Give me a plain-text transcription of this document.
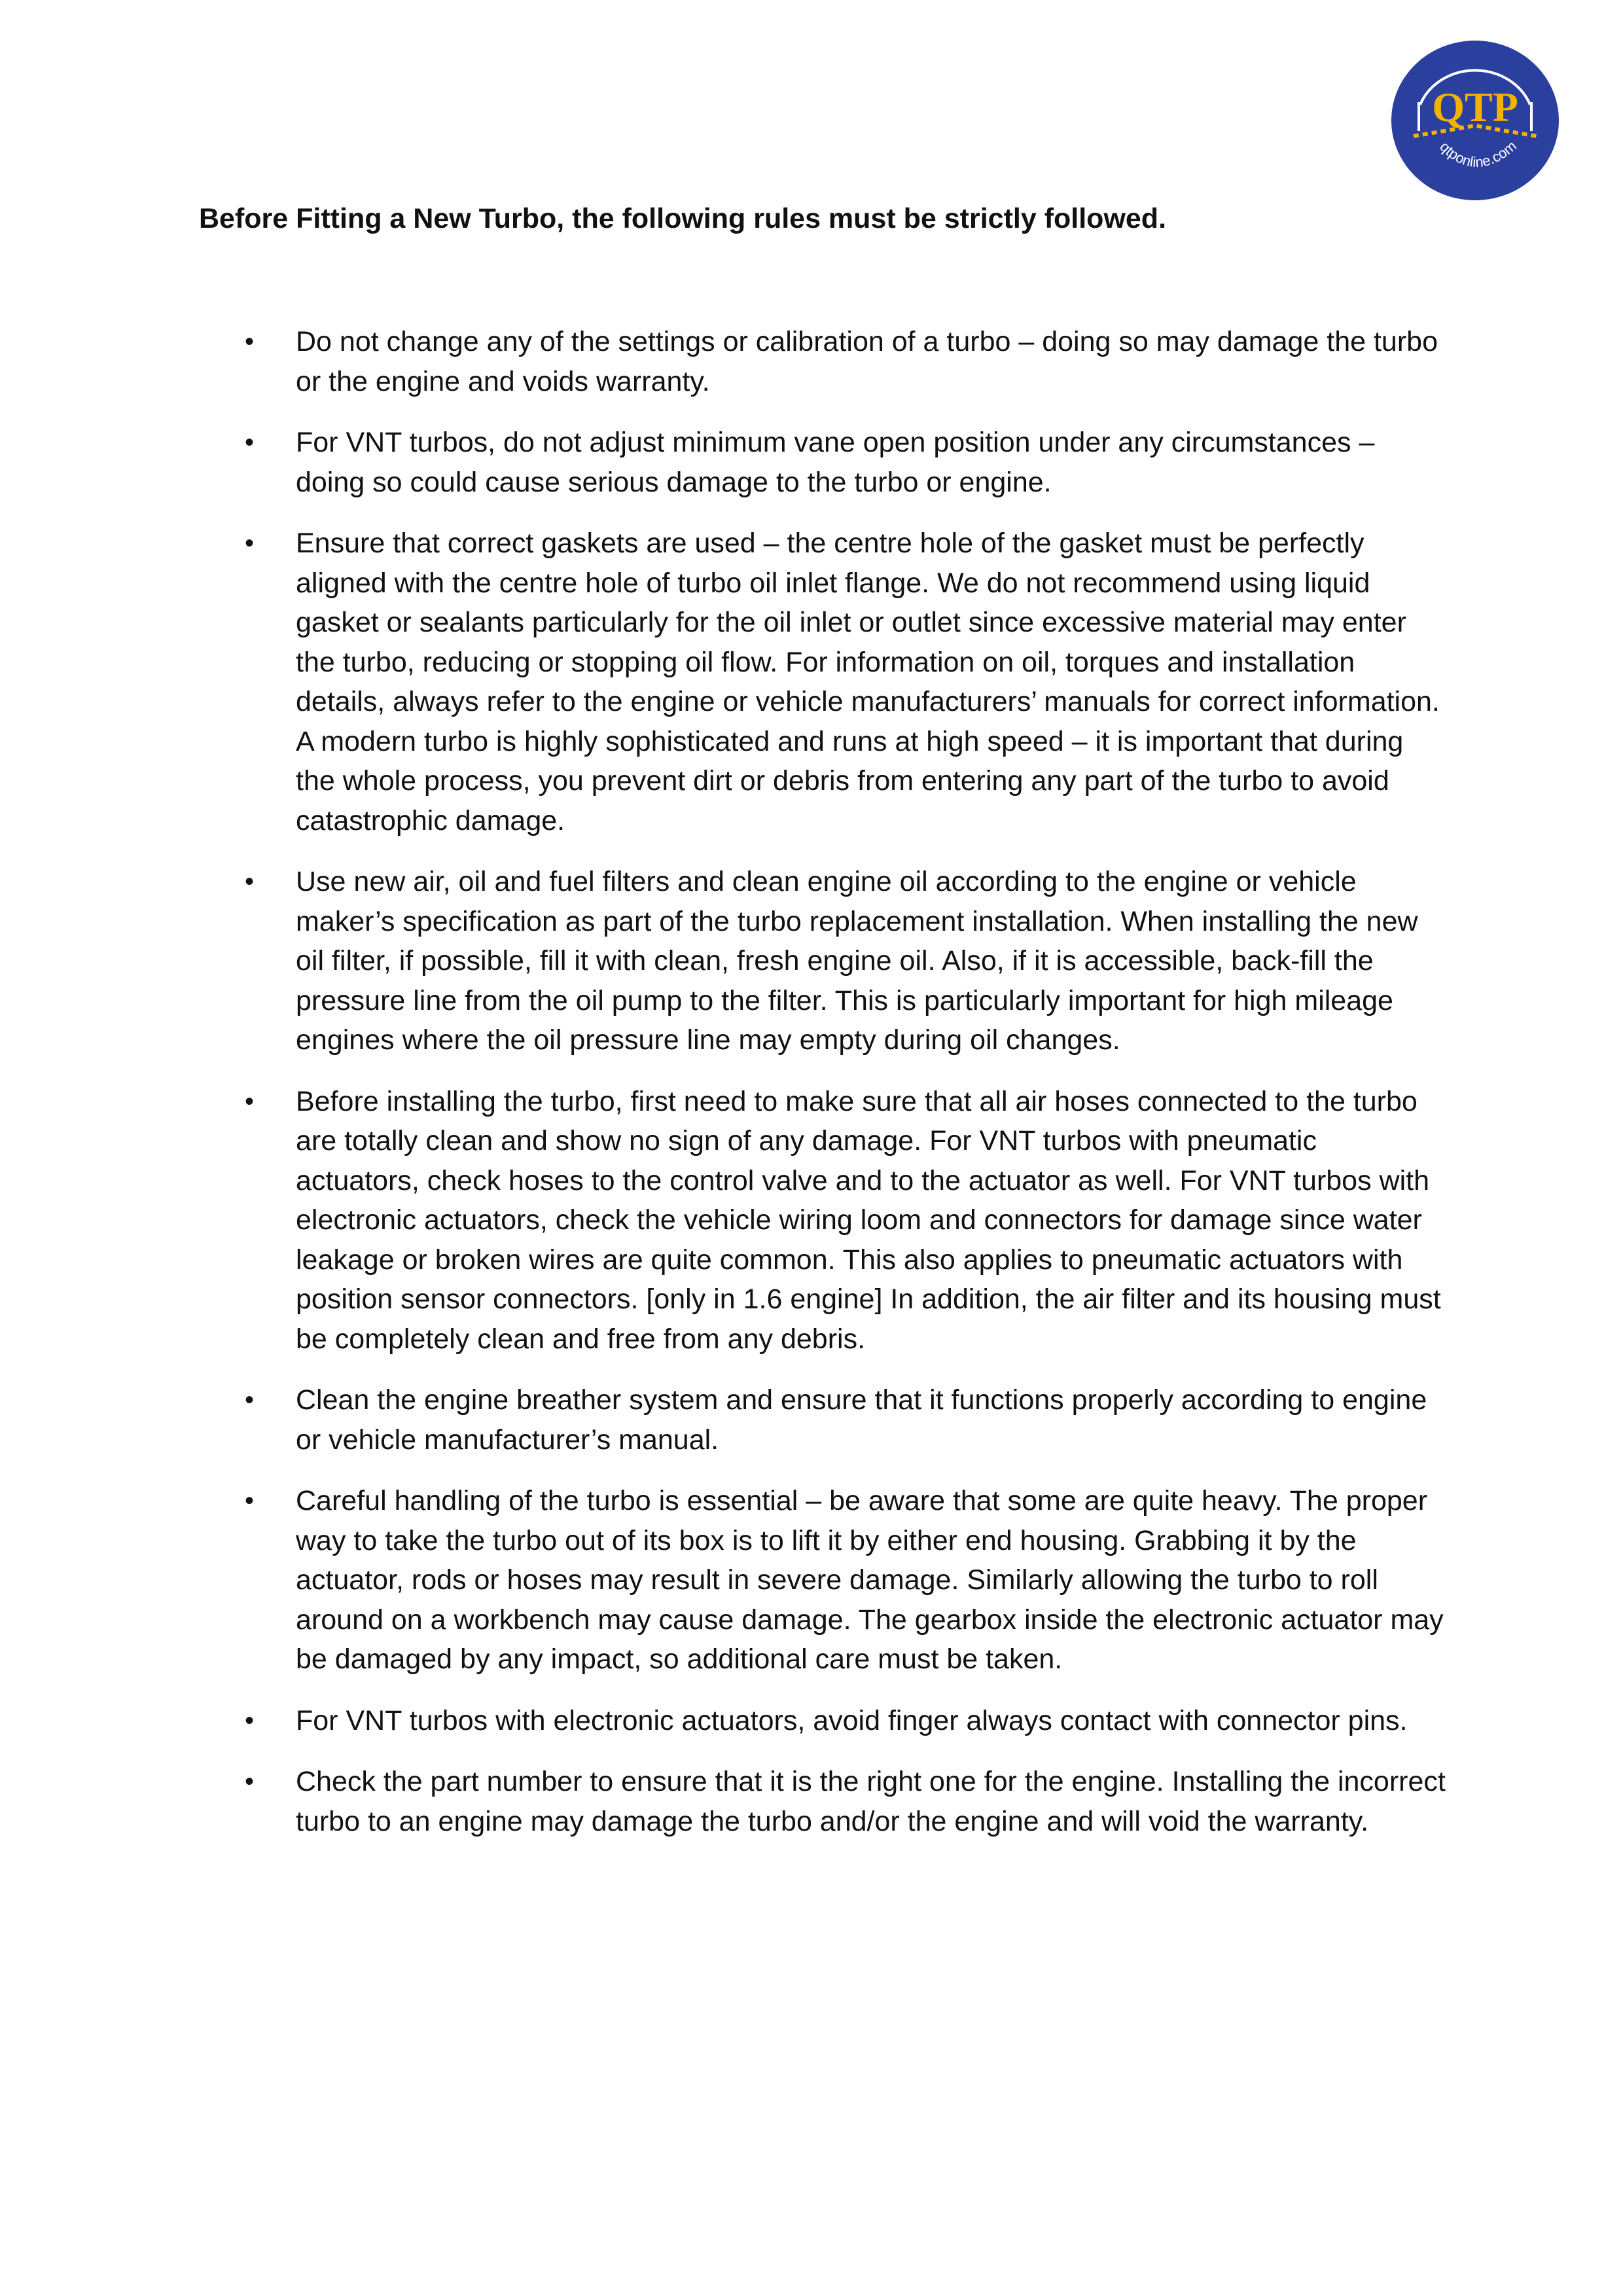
QTP
qtponline.com
Before Fitting a New Turbo, the following rules must be strictly followed.
• Do not change any of the settings or calibration of a turbo – doing so may damage the turbo or the engine and voids warranty.
• For VNT turbos, do not adjust minimum vane open position under any circumstances – doing so could cause serious damage to the turbo or engine.
• Ensure that correct gaskets are used – the centre hole of the gasket must be perfectly aligned with the centre hole of turbo oil inlet flange. We do not recommend using liquid gasket or sealants particularly for the oil inlet or outlet since excessive material may enter the turbo, reducing or stopping oil flow. For information on oil, torques and installation details, always refer to the engine or vehicle manufacturers’ manuals for correct information. A modern turbo is highly sophisticated and runs at high speed – it is important that during the whole process, you prevent dirt or debris from entering any part of the turbo to avoid catastrophic damage.
• Use new air, oil and fuel filters and clean engine oil according to the engine or vehicle maker’s specification as part of the turbo replacement installation. When installing the new oil filter, if possible, fill it with clean, fresh engine oil. Also, if it is accessible, back-fill the pressure line from the oil pump to the filter. This is particularly important for high mileage engines where the oil pressure line may empty during oil changes.
• Before installing the turbo, first need to make sure that all air hoses connected to the turbo are totally clean and show no sign of any damage. For VNT turbos with pneumatic actuators, check hoses to the control valve and to the actuator as well. For VNT turbos with electronic actuators, check the vehicle wiring loom and connectors for damage since water leakage or broken wires are quite common. This also applies to pneumatic actuators with position sensor connectors. [only in 1.6 engine] In addition, the air filter and its housing must be completely clean and free from any debris.
• Clean the engine breather system and ensure that it functions properly according to engine or vehicle manufacturer’s manual.
• Careful handling of the turbo is essential – be aware that some are quite heavy. The proper way to take the turbo out of its box is to lift it by either end housing. Grabbing it by the actuator, rods or hoses may result in severe damage. Similarly allowing the turbo to roll around on a workbench may cause damage. The gearbox inside the electronic actuator may be damaged by any impact, so additional care must be taken.
• For VNT turbos with electronic actuators, avoid finger always contact with connector pins.
• Check the part number to ensure that it is the right one for the engine. Installing the incorrect turbo to an engine may damage the turbo and/or the engine and will void the warranty.
